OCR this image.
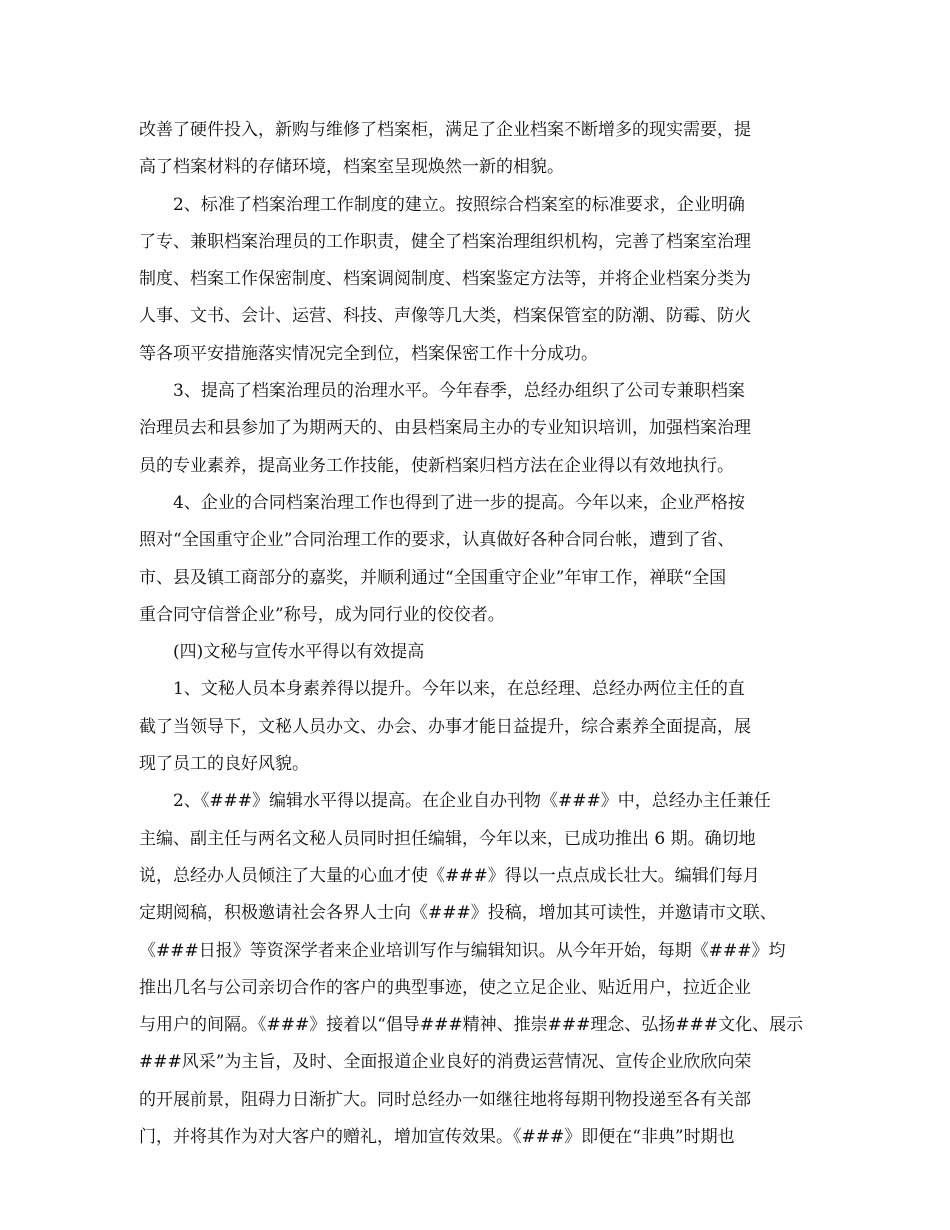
改善了硬件投入，新购与维修了档案柜，满足了企业档案不断增多的现实需要，提
高了档案材料的存储环境，档案室呈现焕然一新的相貌。
　　2、标准了档案治理工作制度的建立。按照综合档案室的标准要求，企业明确
了专、兼职档案治理员的工作职责，健全了档案治理组织机构，完善了档案室治理
制度、档案工作保密制度、档案调阅制度、档案鉴定方法等，并将企业档案分类为
人事、文书、会计、运营、科技、声像等几大类，档案保管室的防潮、防霉、防火
等各项平安措施落实情况完全到位，档案保密工作十分成功。
　　3、提高了档案治理员的治理水平。今年春季，总经办组织了公司专兼职档案
治理员去和县参加了为期两天的、由县档案局主办的专业知识培训，加强档案治理
员的专业素养，提高业务工作技能，使新档案归档方法在企业得以有效地执行。
　　4、企业的合同档案治理工作也得到了进一步的提高。今年以来，企业严格按
照对“全国重守企业”合同治理工作的要求，认真做好各种合同台帐，遭到了省、
市、县及镇工商部分的嘉奖，并顺利通过“全国重守企业”年审工作，禅联“全国
重合同守信誉企业”称号，成为同行业的佼佼者。
　　(四)文秘与宣传水平得以有效提高
　　1、文秘人员本身素养得以提升。今年以来，在总经理、总经办两位主任的直
截了当领导下，文秘人员办文、办会、办事才能日益提升，综合素养全面提高，展
现了员工的良好风貌。
　　2、《###》编辑水平得以提高。在企业自办刊物《###》中，总经办主任兼任
主编、副主任与两名文秘人员同时担任编辑，今年以来，已成功推出 6 期。确切地
说，总经办人员倾注了大量的心血才使《###》得以一点点成长壮大。编辑们每月
定期阅稿，积极邀请社会各界人士向《###》投稿，增加其可读性，并邀请市文联、
《###日报》等资深学者来企业培训写作与编辑知识。从今年开始，每期《###》均
推出几名与公司亲切合作的客户的典型事迹，使之立足企业、贴近用户，拉近企业
与用户的间隔。《###》接着以“倡导###精神、推崇###理念、弘扬###文化、展示
###风采”为主旨，及时、全面报道企业良好的消费运营情况、宣传企业欣欣向荣
的开展前景，阻碍力日渐扩大。同时总经办一如继往地将每期刊物投递至各有关部
门，并将其作为对大客户的赠礼，增加宣传效果。《###》即便在“非典”时期也
